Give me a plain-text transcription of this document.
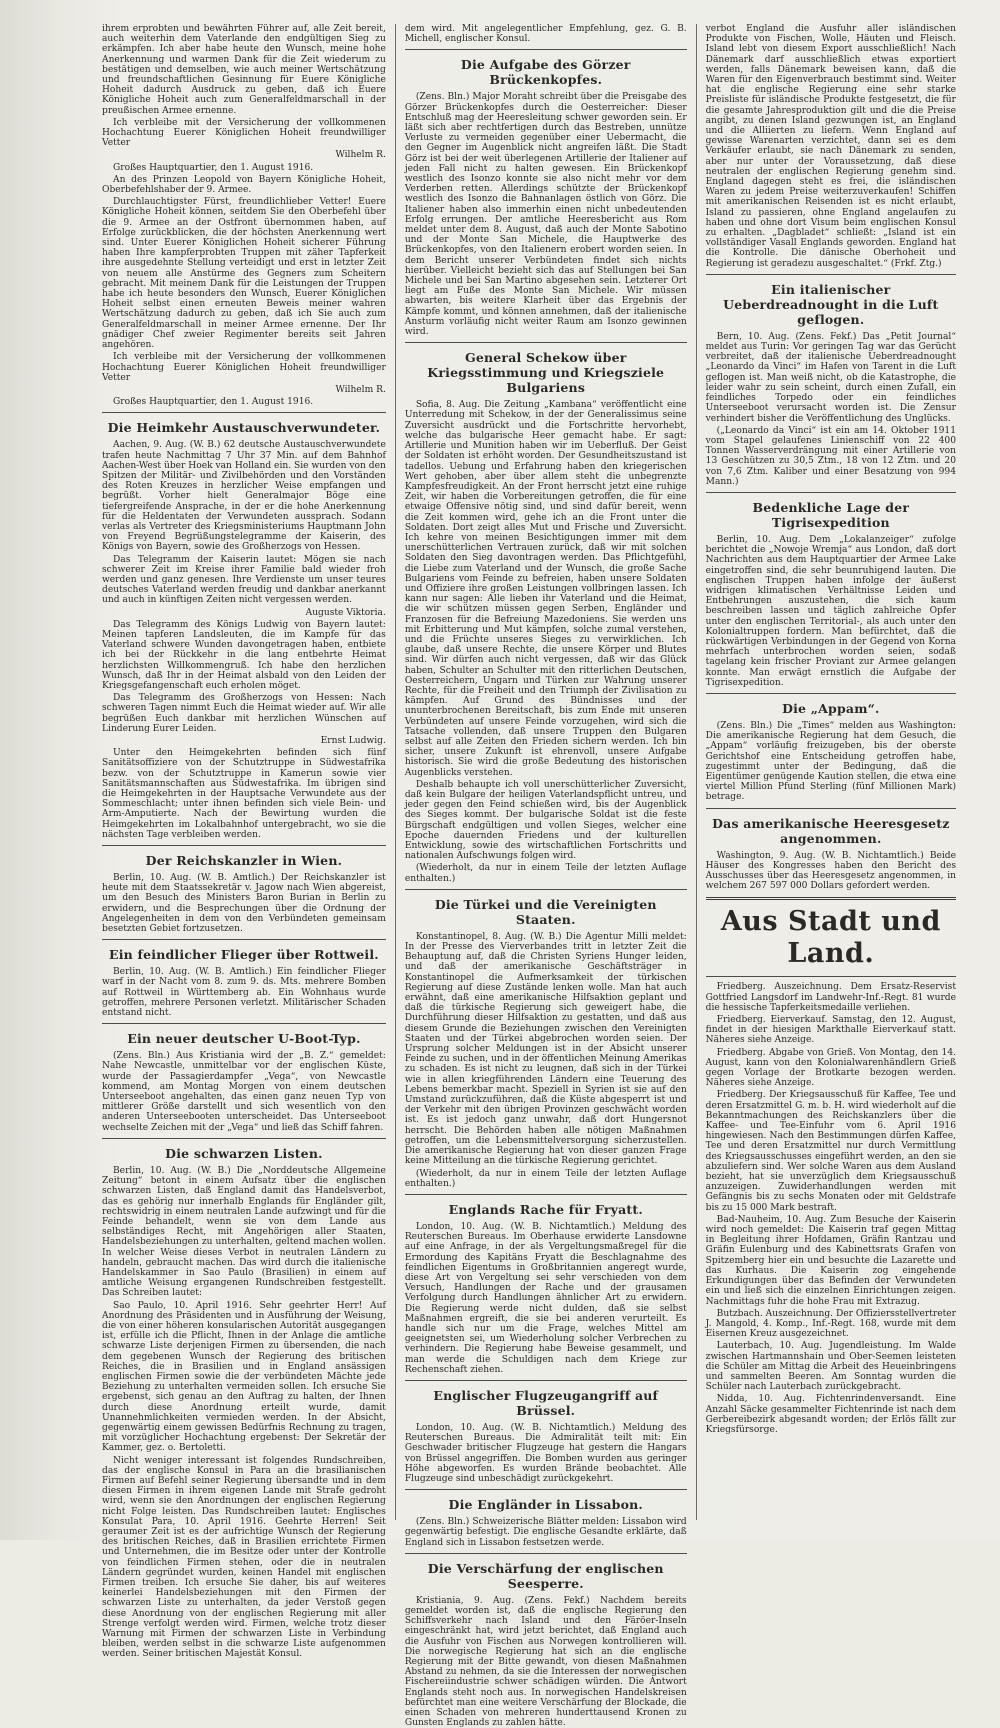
ihrem erprobten und bewährten Führer auf, alle Zeit bereit, auch weiterhin dem Vaterlande den endgültigen Sieg zu erkämpfen. Ich aber habe heute den Wunsch, meine hohe Anerkennung und warmen Dank für die Zeit wiederum zu bestätigen und demselben, wie auch meiner Wertschätzung und freundschaftlichen Gesinnung für Euere Königliche Hoheit dadurch Ausdruck zu geben, daß ich Euere Königliche Hoheit auch zum Generalfeldmarschall in der preußischen Armee ernenne.

Ich verbleibe mit der Versicherung der vollkommenen Hochachtung Euerer Königlichen Hoheit freundwilliger Vetter

Wilhelm R.

Großes Hauptquartier, den 1. August 1916.

An des Prinzen Leopold von Bayern Königliche Hoheit, Oberbefehlshaber der 9. Armee.

Durchlauchtigster Fürst, freundlichlieber Vetter! Euere Königliche Hoheit können, seitdem Sie den Oberbefehl über die 9. Armee an der Ostfront übernommen haben, auf Erfolge zurückblicken, die der höchsten Anerkennung wert sind. Unter Euerer Königlichen Hoheit sicherer Führung haben Ihre kampferprobten Truppen mit zäher Tapferkeit ihre ausgedehnte Stellung verteidigt und erst in letzter Zeit von neuem alle Anstürme des Gegners zum Scheitern gebracht. Mit meinem Dank für die Leistungen der Truppen habe ich heute besonders den Wunsch, Euerer Königlichen Hoheit selbst einen erneuten Beweis meiner wahren Wertschätzung dadurch zu geben, daß ich Sie auch zum Generalfeldmarschall in meiner Armee ernenne. Der Ihr gnädiger Chef zweier Regimenter bereits seit Jahren angehören.

Ich verbleibe mit der Versicherung der vollkommenen Hochachtung Euerer Königlichen Hoheit freundwilliger Vetter

Wilhelm R.

Großes Hauptquartier, den 1. August 1916.

Die Heimkehr Austauschverwundeter.

Aachen, 9. Aug. (W. B.) 62 deutsche Austauschverwundete trafen heute Nachmittag 7 Uhr 37 Min. auf dem Bahnhof Aachen-West über Hoek van Holland ein. Sie wurden von den Spitzen der Militär- und Zivilbehörden und den Vorständen des Roten Kreuzes in herzlicher Weise empfangen und begrüßt. Vorher hielt Generalmajor Böge eine tiefergreifende Ansprache, in der er die hohe Anerkennung für die Heldentaten der Verwundeten aussprach. Sodann verlas als Vertreter des Kriegsministeriums Hauptmann John von Freyend Begrüßungstelegramme der Kaiserin, des Königs von Bayern, sowie des Großherzogs von Hessen.

Das Telegramm der Kaiserin lautet: Mögen sie nach schwerer Zeit im Kreise ihrer Familie bald wieder froh werden und ganz genesen. Ihre Verdienste um unser teures deutsches Vaterland werden freudig und dankbar anerkannt und auch in künftigen Zeiten nicht vergessen werden.

Auguste Viktoria.

Das Telegramm des Königs Ludwig von Bayern lautet: Meinen tapferen Landsleuten, die im Kampfe für das Vaterland schwere Wunden davongetragen haben, entbiete ich bei der Rückkehr in die lang entbehrte Heimat herzlichsten Willkommengruß. Ich habe den herzlichen Wunsch, daß Ihr in der Heimat alsbald von den Leiden der Kriegsgefangenschaft euch erholen möget.

Das Telegramm des Großherzogs von Hessen: Nach schweren Tagen nimmt Euch die Heimat wieder auf. Wir alle begrüßen Euch dankbar mit herzlichen Wünschen auf Linderung Eurer Leiden.

Ernst Ludwig.

Unter den Heimgekehrten befinden sich fünf Sanitätsoffiziere von der Schutztruppe in Südwestafrika bezw. von der Schutztruppe in Kamerun sowie vier Sanitätsmannschaften aus Südwestafrika. Im übrigen sind die Heimgekehrten in der Hauptsache Verwundete aus der Sommeschlacht; unter ihnen befinden sich viele Bein- und Arm-Amputierte. Nach der Bewirtung wurden die Heimgekehrten im Lokalbahnhof untergebracht, wo sie die nächsten Tage verbleiben werden.

Der Reichskanzler in Wien.

Berlin, 10. Aug. (W. B. Amtlich.) Der Reichskanzler ist heute mit dem Staatssekretär v. Jagow nach Wien abgereist, um den Besuch des Ministers Baron Burian in Berlin zu erwidern, und die Besprechungen über die Ordnung der Angelegenheiten in dem von den Verbündeten gemeinsam besetzten Gebiet fortzusetzen.

Ein feindlicher Flieger über Rottweil.

Berlin, 10. Aug. (W. B. Amtlich.) Ein feindlicher Flieger warf in der Nacht vom 8. zum 9. ds. Mts. mehrere Bomben auf Rottweil in Württemberg ab. Ein Wohnhaus wurde getroffen, mehrere Personen verletzt. Militärischer Schaden entstand nicht.

Ein neuer deutscher U-Boot-Typ.

(Zens. Bln.) Aus Kristiania wird der „B. Z.“ gemeldet: Nahe Newcastle, unmittelbar vor der englischen Küste, wurde der Passagierdampfer „Vega“, von Newcastle kommend, am Montag Morgen von einem deutschen Unterseeboot angehalten, das einen ganz neuen Typ von mittlerer Größe darstellt und sich wesentlich von den anderen Unterseebooten unterscheidet. Das Unterseeboot wechselte Zeichen mit der „Vega“ und ließ das Schiff fahren.

Die schwarzen Listen.

Berlin, 10. Aug. (W. B.) Die „Norddeutsche Allgemeine Zeitung“ betont in einem Aufsatz über die englischen schwarzen Listen, daß England damit das Handelsverbot, das es gehörig nur innerhalb Englands für Engländer gilt, rechtswidrig in einem neutralen Lande aufzwingt und für die Feinde behandelt, wenn sie von dem Lande aus selbständiges Recht, mit Angehörigen aller Staaten, Handelsbeziehungen zu unterhalten, geltend machen wollen. In welcher Weise dieses Verbot in neutralen Ländern zu handeln, gebraucht machen. Das wird durch die italienische Handelskammer in Sao Paulo (Brasilien) in einem auf amtliche Weisung ergangenen Rundschreiben festgestellt. Das Schreiben lautet:

Sao Paulo, 10. April 1916. Sehr geehrter Herr! Auf Anordnung des Präsidenten und in Ausführung der Weisung, die von einer höheren konsularischen Autorität ausgegangen ist, erfülle ich die Pflicht, Ihnen in der Anlage die amtliche schwarze Liste derjenigen Firmen zu übersenden, die nach dem gegebenen Wunsch der Regierung des britischen Reiches, die in Brasilien und in England ansässigen englischen Firmen sowie die der verbündeten Mächte jede Beziehung zu unterhalten vermeiden sollen. Ich ersuche Sie ergebenst, sich genau an den Auftrag zu halten, der Ihnen durch diese Anordnung erteilt wurde, damit Unannehmlichkeiten vermieden werden. In der Absicht, gegenwärtig einem gewissen Bedürfnis Rechnung zu tragen, mit vorzüglicher Hochachtung ergebenst: Der Sekretär der Kammer, gez. o. Bertoletti.

Nicht weniger interessant ist folgendes Rundschreiben, das der englische Konsul in Para an die brasilianischen Firmen auf Befehl seiner Regierung übersandte und in dem diesen Firmen in ihrem eigenen Lande mit Strafe gedroht wird, wenn sie den Anordnungen der englischen Regierung nicht Folge leisten. Das Rundschreiben lautet: Englisches Konsulat Para, 10. April 1916. Geehrte Herren! Seit geraumer Zeit ist es der aufrichtige Wunsch der Regierung des britischen Reiches, daß in Brasilien errichtete Firmen und Unternehmen, die im Besitze oder unter der Kontrolle von feindlichen Firmen stehen, oder die in neutralen Ländern gegründet wurden, keinen Handel mit englischen Firmen treiben. Ich ersuche Sie daher, bis auf weiteres keinerlei Handelsbeziehungen mit den Firmen der schwarzen Liste zu unterhalten, da jeder Verstoß gegen diese Anordnung von der englischen Regierung mit aller Strenge verfolgt werden wird. Firmen, welche trotz dieser Warnung mit Firmen der schwarzen Liste in Verbindung bleiben, werden selbst in die schwarze Liste aufgenommen werden. Seiner britischen Majestät Konsul.

dem wird. Mit angelegentlicher Empfehlung, gez. G. B. Michell, englischer Konsul.

Die Aufgabe des Görzer Brückenkopfes.

(Zens. Bln.) Major Moraht schreibt über die Preisgabe des Görzer Brückenkopfes durch die Oesterreicher: Dieser Entschluß mag der Heeresleitung schwer geworden sein. Er läßt sich aber rechtfertigen durch das Bestreben, unnütze Verluste zu vermeiden gegenüber einer Uebermacht, die den Gegner im Augenblick nicht angreifen läßt. Die Stadt Görz ist bei der weit überlegenen Artillerie der Italiener auf jeden Fall nicht zu halten gewesen. Ein Brückenkopf westlich des Isonzo konnte sie also nicht mehr vor dem Verderben retten. Allerdings schützte der Brückenkopf westlich des Isonzo die Bahnanlagen östlich von Görz. Die Italiener haben also immerhin einen nicht unbedeutenden Erfolg errungen. Der amtliche Heeresbericht aus Rom meldet unter dem 8. August, daß auch der Monte Sabotino und der Monte San Michele, die Hauptwerke des Brückenkopfes, von den Italienern erobert worden seien. In dem Bericht unserer Verbündeten findet sich nichts hierüber. Vielleicht bezieht sich das auf Stellungen bei San Michele und bei San Martino abgesehen sein. Letzterer Ort liegt am Fuße des Monte San Michele. Wir müssen abwarten, bis weitere Klarheit über das Ergebnis der Kämpfe kommt, und können annehmen, daß der italienische Ansturm vorläufig nicht weiter Raum am Isonzo gewinnen wird.

General Schekow über Kriegsstimmung und Kriegsziele Bulgariens

Sofia, 8. Aug. Die Zeitung „Kambana“ veröffentlicht eine Unterredung mit Schekow, in der der Generalissimus seine Zuversicht ausdrückt und die Fortschritte hervorhebt, welche das bulgarische Heer gemacht habe. Er sagt: Artillerie und Munition haben wir im Ueberfluß. Der Geist der Soldaten ist erhöht worden. Der Gesundheitszustand ist tadellos. Uebung und Erfahrung haben den kriegerischen Wert gehoben, aber über allem steht die unbegrenzte Kampfesfreudigkeit. An der Front herrscht jetzt eine ruhige Zeit, wir haben die Vorbereitungen getroffen, die für eine etwaige Offensive nötig sind, und sind dafür bereit, wenn die Zeit kommen wird, gehe ich an die Front unter die Soldaten. Dort zeigt alles Mut und Frische und Zuversicht. Ich kehre von meinen Besichtigungen immer mit dem unerschütterlichen Vertrauen zurück, daß wir mit solchen Soldaten den Sieg davontragen werden. Das Pflichtgefühl, die Liebe zum Vaterland und der Wunsch, die große Sache Bulgariens vom Feinde zu befreien, haben unsere Soldaten und Offiziere ihre großen Leistungen vollbringen lassen. Ich kann nur sagen: Alle lieben ihr Vaterland und die Heimat, die wir schützen müssen gegen Serben, Engländer und Franzosen für die Befreiung Mazedoniens. Sie werden uns mit Erbitterung und Mut kämpfen, solche zumal verstehen, und die Früchte unseres Sieges zu verwirklichen. Ich glaube, daß unsere Rechte, die unsere Körper und Blutes sind. Wir dürfen auch nicht vergessen, daß wir das Glück haben, Schulter an Schulter mit den ritterlichen Deutschen, Oesterreichern, Ungarn und Türken zur Wahrung unserer Rechte, für die Freiheit und den Triumph der Zivilisation zu kämpfen. Auf Grund des Bündnisses und der ununterbrochenen Bereitschaft, bis zum Ende mit unseren Verbündeten auf unsere Feinde vorzugehen, wird sich die Tatsache vollenden, daß unsere Truppen den Bulgaren selbst auf alle Zeiten den Frieden sichern werden. Ich bin sicher, unsere Zukunft ist ehrenvoll, unsere Aufgabe historisch. Sie wird die große Bedeutung des historischen Augenblicks verstehen.

Deshalb behaupte ich voll unerschütterlicher Zuversicht, daß kein Bulgare der heiligen Vaterlandspflicht untreu, und jeder gegen den Feind schießen wird, bis der Augenblick des Sieges kommt. Der bulgarische Soldat ist die feste Bürgschaft endgültigen und vollen Sieges, welcher eine Epoche dauernden Friedens und der kulturellen Entwicklung, sowie des wirtschaftlichen Fortschritts und nationalen Aufschwungs folgen wird.

(Wiederholt, da nur in einem Teile der letzten Auflage enthalten.)

Die Türkei und die Vereinigten Staaten.

Konstantinopel, 8. Aug. (W. B.) Die Agentur Milli meldet: In der Presse des Vierverbandes tritt in letzter Zeit die Behauptung auf, daß die Christen Syriens Hunger leiden, und daß der amerikanische Geschäftsträger in Konstantinopel die Aufmerksamkeit der türkischen Regierung auf diese Zustände lenken wolle. Man hat auch erwähnt, daß eine amerikanische Hilfsaktion geplant und daß die türkische Regierung sich geweigert habe, die Durchführung dieser Hilfsaktion zu gestatten, und daß aus diesem Grunde die Beziehungen zwischen den Vereinigten Staaten und der Türkei abgebrochen worden seien. Der Ursprung solcher Meldungen ist in der Absicht unserer Feinde zu suchen, und in der öffentlichen Meinung Amerikas zu schaden. Es ist nicht zu leugnen, daß sich in der Türkei wie in allen kriegführenden Ländern eine Teuerung des Lebens bemerkbar macht. Speziell in Syrien ist sie auf den Umstand zurückzuführen, daß die Küste abgesperrt ist und der Verkehr mit den übrigen Provinzen geschwächt worden ist. Es ist jedoch ganz unwahr, daß dort Hungersnot herrscht. Die Behörden haben alle nötigen Maßnahmen getroffen, um die Lebensmittelversorgung sicherzustellen. Die amerikanische Regierung hat von dieser ganzen Frage keine Mitteilung an die türkische Regierung gerichtet.

(Wiederholt, da nur in einem Teile der letzten Auflage enthalten.)

Englands Rache für Fryatt.

London, 10. Aug. (W. B. Nichtamtlich.) Meldung des Reuterschen Bureaus. Im Oberhause erwiderte Lansdowne auf eine Anfrage, in der als Vergeltungsmaßregel für die Ermordung des Kapitäns Fryatt die Beschlagnahme des feindlichen Eigentums in Großbritannien angeregt wurde, diese Art von Vergeltung sei sehr verschieden von dem Versuch, Handlungen der Rache und der grausamen Verfolgung durch Handlungen ähnlicher Art zu erwidern. Die Regierung werde nicht dulden, daß sie selbst Maßnahmen ergreift, die sie bei anderen verurteilt. Es handle sich nur um die Frage, welches Mittel am geeignetsten sei, um Wiederholung solcher Verbrechen zu verhindern. Die Regierung habe Beweise gesammelt, und man werde die Schuldigen nach dem Kriege zur Rechenschaft ziehen.

Englischer Flugzeugangriff auf Brüssel.

London, 10. Aug. (W. B. Nichtamtlich.) Meldung des Reuterschen Bureaus. Die Admiralität teilt mit: Ein Geschwader britischer Flugzeuge hat gestern die Hangars von Brüssel angegriffen. Die Bomben wurden aus geringer Höhe abgeworfen. Es wurden Brände beobachtet. Alle Flugzeuge sind unbeschädigt zurückgekehrt.

Die Engländer in Lissabon.

(Zens. Bln.) Schweizerische Blätter melden: Lissabon wird gegenwärtig befestigt. Die englische Gesandte erklärte, daß England sich in Lissabon festsetzen werde.

Die Verschärfung der englischen Seesperre.

Kristiania, 9. Aug. (Zens. Fekf.) Nachdem bereits gemeldet worden ist, daß die englische Regierung den Schiffsverkehr nach Island und den Färöer-Inseln eingeschränkt hat, wird jetzt berichtet, daß England auch die Ausfuhr von Fischen aus Norwegen kontrollieren will. Die norwegische Regierung hat sich an die englische Regierung mit der Bitte gewandt, von diesen Maßnahmen Abstand zu nehmen, da sie die Interessen der norwegischen Fischereiindustrie schwer schädigen würden. Die Antwort Englands steht noch aus. In norwegischen Handelskreisen befürchtet man eine weitere Verschärfung der Blockade, die einen Schaden von mehreren hunderttausend Kronen zu Gunsten Englands zu zahlen hätte.

verbot England die Ausfuhr aller isländischen Produkte von Fischen, Wolle, Häuten und Fleisch. Island lebt von diesem Export ausschließlich! Nach Dänemark darf ausschließlich etwas exportiert werden, falls Dänemark beweisen kann, daß die Waren für den Eigenverbrauch bestimmt sind. Weiter hat die englische Regierung eine sehr starke Preisliste für isländische Produkte festgesetzt, die für die gesamte Jahresproduktion gilt und die die Preise angibt, zu denen Island gezwungen ist, an England und die Alliierten zu liefern. Wenn England auf gewisse Warenarten verzichtet, dann sei es dem Verkäufer erlaubt, sie nach Dänemark zu senden, aber nur unter der Voraussetzung, daß diese neutralen der englischen Regierung genehm sind. England dagegen steht es frei, die isländischen Waren zu jedem Preise weiterzuverkaufen! Schiffen mit amerikanischen Reisenden ist es nicht erlaubt, Island zu passieren, ohne England angelaufen zu haben und ohne dort Visum beim englischen Konsul zu erhalten. „Dagbladet“ schließt: „Island ist ein vollständiger Vasall Englands geworden. England hat die Kontrolle. Die dänische Oberhoheit und Regierung ist geradezu ausgeschaltet.“ (Frkf. Ztg.)

Ein italienischer Ueberdreadnought in die Luft geflogen.

Bern, 10. Aug. (Zens. Fekf.) Das „Petit Journal“ meldet aus Turin: Vor geringen Tag war das Gerücht verbreitet, daß der italienische Ueberdreadnought „Leonardo da Vinci“ im Hafen von Tarent in die Luft geflogen ist. Man weiß nicht, ob die Katastrophe, die leider wahr zu sein scheint, durch einen Zufall, ein feindliches Torpedo oder ein feindliches Unterseeboot verursacht worden ist. Die Zensur verhindert bisher die Veröffentlichung des Unglücks.

(„Leonardo da Vinci“ ist ein am 14. Oktober 1911 vom Stapel gelaufenes Linienschiff von 22 400 Tonnen Wasserverdrängung mit einer Artillerie von 13 Geschützen zu 30,5 Ztm., 18 von 12 Ztm. und 20 von 7,6 Ztm. Kaliber und einer Besatzung von 994 Mann.)

Bedenkliche Lage der Tigrisexpedition

Berlin, 10. Aug. Dem „Lokalanzeiger“ zufolge berichtet die „Nowoje Wremja“ aus London, daß dort Nachrichten aus dem Hauptquartier der Armee Lake eingetroffen sind, die sehr beunruhigend lauten. Die englischen Truppen haben infolge der äußerst widrigen klimatischen Verhältnisse Leiden und Entbehrungen auszustehen, die sich kaum beschreiben lassen und täglich zahlreiche Opfer unter den englischen Territorial-, als auch unter den Kolonialtruppen fordern. Man befürchtet, daß die rückwärtigen Verbindungen in der Gegend von Korna mehrfach unterbrochen worden seien, sodaß tagelang kein frischer Proviant zur Armee gelangen konnte. Man erwägt ernstlich die Aufgabe der Tigrisexpedition.

Die „Appam“.

(Zens. Bln.) Die „Times“ melden aus Washington: Die amerikanische Regierung hat dem Gesuch, die „Appam“ vorläufig freizugeben, bis der oberste Gerichtshof eine Entscheidung getroffen habe, zugestimmt unter der Bedingung, daß die Eigentümer genügende Kaution stellen, die etwa eine viertel Million Pfund Sterling (fünf Millionen Mark) betrage.

Das amerikanische Heeresgesetz angenommen.

Washington, 9. Aug. (W. B. Nichtamtlich.) Beide Häuser des Kongresses haben den Bericht des Ausschusses über das Heeresgesetz angenommen, in welchem 267 597 000 Dollars gefordert werden.

Aus Stadt und Land.

Friedberg. Auszeichnung. Dem Ersatz-Reservist Gottfried Langsdorf im Landwehr-Inf.-Regt. 81 wurde die hessische Tapferkeitsmedaille verliehen.

Friedberg. Eierverkauf. Samstag, den 12. August, findet in der hiesigen Markthalle Eierverkauf statt. Näheres siehe Anzeige.

Friedberg. Abgabe von Grieß. Von Montag, den 14. August, kann von den Kolonialwarenhändlern Grieß gegen Vorlage der Brotkarte bezogen werden. Näheres siehe Anzeige.

Friedberg. Der Kriegsausschuß für Kaffee, Tee und deren Ersatzmittel G. m. b. H. wird wiederholt auf die Bekanntmachungen des Reichskanzlers über die Kaffee- und Tee-Einfuhr vom 6. April 1916 hingewiesen. Nach den Bestimmungen dürfen Kaffee, Tee und deren Ersatzmittel nur durch Vermittlung des Kriegsausschusses eingeführt werden, an den sie abzuliefern sind. Wer solche Waren aus dem Ausland bezieht, hat sie unverzüglich dem Kriegsausschuß anzuzeigen. Zuwiderhandlungen werden mit Gefängnis bis zu sechs Monaten oder mit Geldstrafe bis zu 15 000 Mark bestraft.

Bad-Nauheim, 10. Aug. Zum Besuche der Kaiserin wird noch gemeldet: Die Kaiserin traf gegen Mittag in Begleitung ihrer Hofdamen, Gräfin Rantzau und Gräfin Eulenburg und des Kabinettsrats Grafen von Spitzemberg hier ein und besuchte die Lazarette und das Kurhaus. Die Kaiserin zog eingehende Erkundigungen über das Befinden der Verwundeten ein und ließ sich die einzelnen Einrichtungen zeigen. Nachmittags fuhr die hohe Frau mit Extrazug.

Butzbach. Auszeichnung. Der Offiziersstellvertreter J. Mangold, 4. Komp., Inf.-Regt. 168, wurde mit dem Eisernen Kreuz ausgezeichnet.

Lauterbach, 10. Aug. Jugendleistung. Im Walde zwischen Hartmannshain und Ober-Seemen leisteten die Schüler am Mittag die Arbeit des Heueinbringens und sammelten Beeren. Am Sonntag wurden die Schüler nach Lauterbach zurückgebracht.

Nidda, 10. Aug. Fichtenrindenversandt. Eine Anzahl Säcke gesammelter Fichtenrinde ist nach dem Gerbereibezirk abgesandt worden; der Erlös fällt zur Kriegsfürsorge.
